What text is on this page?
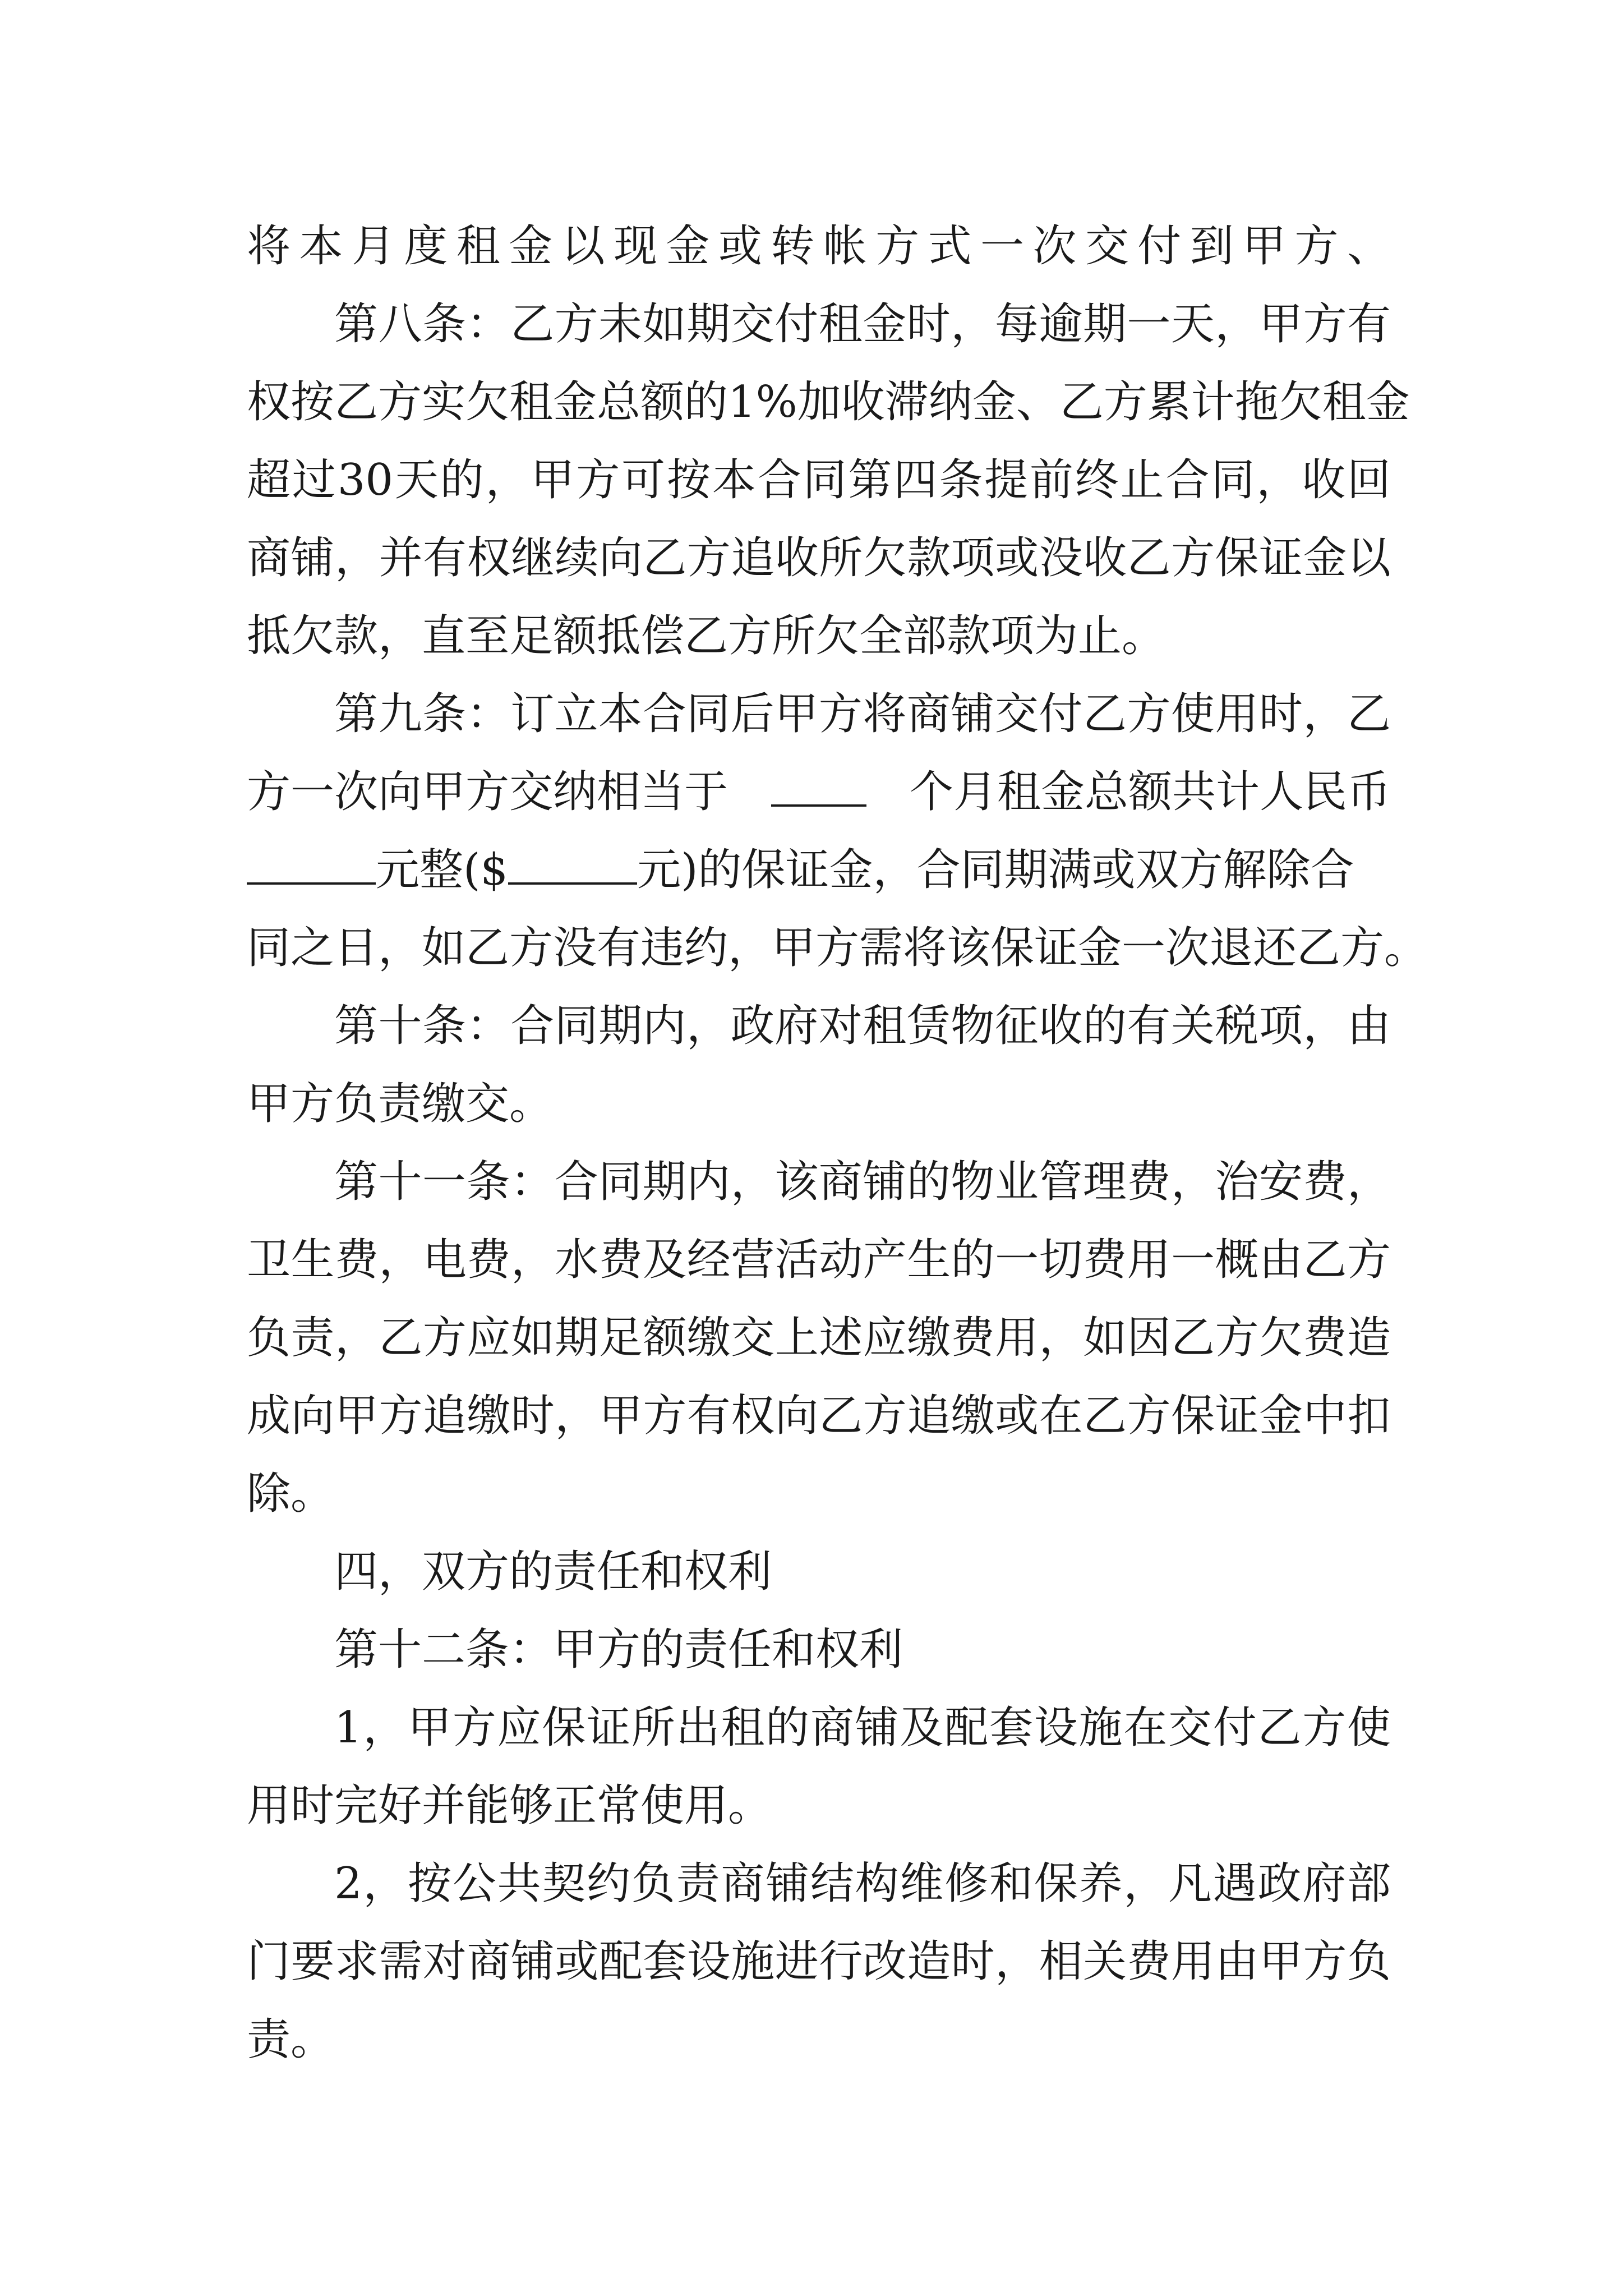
将本月度租金以现金或转帐方式一次交付到甲方、
第八条：乙方未如期交付租金时，每逾期一天，甲方有
权按乙方实欠租金总额的1%加收滞纳金、乙方累计拖欠租金
超过30天的，甲方可按本合同第四条提前终止合同，收回
商铺，并有权继续向乙方追收所欠款项或没收乙方保证金以
抵欠款，直至足额抵偿乙方所欠全部款项为止。
第九条：订立本合同后甲方将商铺交付乙方使用时，乙
方一次向甲方交纳相当于	个月租金总额共计人民币
元整($	元)的保证金，合同期满或双方解除合
同之日，如乙方没有违约，甲方需将该保证金一次退还乙方。
第十条：合同期内，政府对租赁物征收的有关税项，由
甲方负责缴交。
第十一条：合同期内，该商铺的物业管理费，治安费，
卫生费，电费，水费及经营活动产生的一切费用一概由乙方
负责，乙方应如期足额缴交上述应缴费用，如因乙方欠费造
成向甲方追缴时，甲方有权向乙方追缴或在乙方保证金中扣
除。
四，双方的责任和权利
第十二条：甲方的责任和权利
1，甲方应保证所出租的商铺及配套设施在交付乙方使
用时完好并能够正常使用。
2，按公共契约负责商铺结构维修和保养，凡遇政府部
门要求需对商铺或配套设施进行改造时，相关费用由甲方负
责。
